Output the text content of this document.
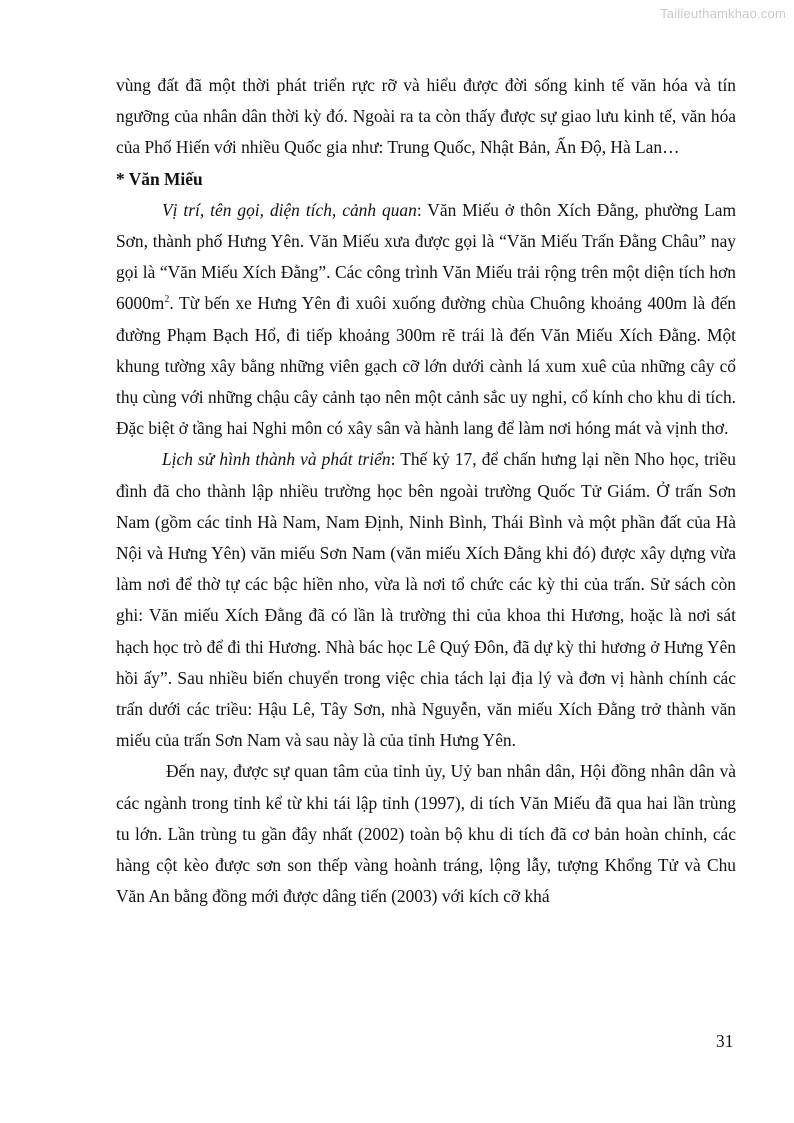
Tailieuthamkhao.com

vùng đất đã một thời phát triển rực rỡ và hiểu được đời sống kinh tế văn hóa và tín ngưỡng của nhân dân thời kỳ đó. Ngoài ra ta còn thấy được sự giao lưu kinh tế, văn hóa của Phố Hiến với nhiều Quốc gia như: Trung Quốc, Nhật Bản, Ấn Độ, Hà Lan…

* Văn Miếu

Vị trí, tên gọi, diện tích, cảnh quan: Văn Miếu ở thôn Xích Đằng, phường Lam Sơn, thành phố Hưng Yên. Văn Miếu xưa được gọi là “Văn Miếu Trấn Đằng Châu” nay gọi là “Văn Miếu Xích Đằng”. Các công trình Văn Miếu trải rộng trên một diện tích hơn $6000m^2$. Từ bến xe Hưng Yên đi xuôi xuống đường chùa Chuông khoảng 400m là đến đường Phạm Bạch Hổ, đi tiếp khoảng 300m rẽ trái là đến Văn Miếu Xích Đằng. Một khung tường xây bằng những viên gạch cỡ lớn dưới cành lá xum xuê của những cây cổ thụ cùng với những chậu cây cảnh tạo nên một cảnh sắc uy nghi, cổ kính cho khu di tích. Đặc biệt ở tầng hai Nghi môn có xây sân và hành lang để làm nơi hóng mát và vịnh thơ.

Lịch sử hình thành và phát triển: Thế kỷ 17, để chấn hưng lại nền Nho học, triều đình đã cho thành lập nhiều trường học bên ngoài trường Quốc Tử Giám. Ở trấn Sơn Nam (gồm các tỉnh Hà Nam, Nam Định, Ninh Bình, Thái Bình và một phần đất của Hà Nội và Hưng Yên) văn miếu Sơn Nam (văn miếu Xích Đằng khi đó) được xây dựng vừa làm nơi để thờ tự các bậc hiền nho, vừa là nơi tổ chức các kỳ thi của trấn. Sử sách còn ghi: Văn miếu Xích Đằng đã có lần là trường thi của khoa thi Hương, hoặc là nơi sát hạch học trò để đi thi Hương. Nhà bác học Lê Quý Đôn, đã dự kỳ thi hương ở Hưng Yên hồi ấy”. Sau nhiều biến chuyển trong việc chia tách lại địa lý và đơn vị hành chính các trấn dưới các triều: Hậu Lê, Tây Sơn, nhà Nguyễn, văn miếu Xích Đằng trở thành văn miếu của trấn Sơn Nam và sau này là của tỉnh Hưng Yên.

Đến nay, được sự quan tâm của tỉnh ủy, Uỷ ban nhân dân, Hội đồng nhân dân và các ngành trong tỉnh kể từ khi tái lập tỉnh (1997), di tích Văn Miếu đã qua hai lần trùng tu lớn. Lần trùng tu gần đây nhất (2002) toàn bộ khu di tích đã cơ bản hoàn chỉnh, các hàng cột kèo được sơn son thếp vàng hoành tráng, lộng lẫy, tượng Khổng Tử và Chu Văn An bằng đồng mới được dâng tiến (2003) với kích cỡ khá

31
